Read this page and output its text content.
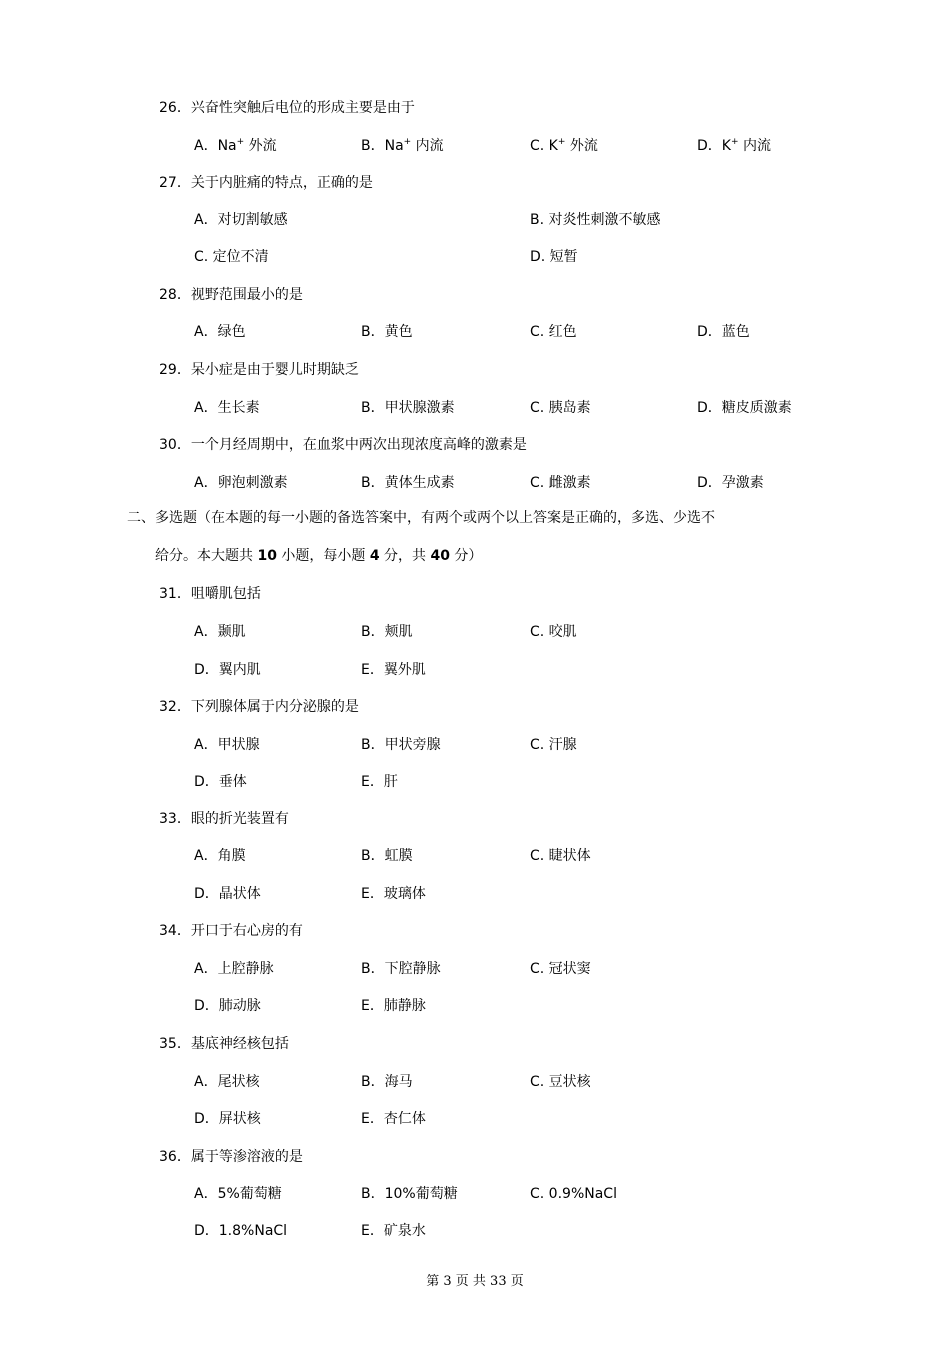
26．兴奋性突触后电位的形成主要是由于
A．Na+ 外流	B．Na+ 内流	C. K+ 外流	D．K+ 内流
27．关于内脏痛的特点，正确的是
A．对切割敏感	B. 对炎性刺激不敏感
C. 定位不清	D. 短暂
28．视野范围最小的是
A．绿色	B．黄色	C. 红色	D．蓝色
29．呆小症是由于婴儿时期缺乏
A．生长素	B．甲状腺激素	C. 胰岛素	D．糖皮质激素
30．一个月经周期中，在血浆中两次出现浓度高峰的激素是
A．卵泡刺激素	B．黄体生成素	C. 雌激素	D．孕激素
二、多选题（在本题的每一小题的备选答案中，有两个或两个以上答案是正确的，多选、少选不
给分。本大题共 10 小题，每小题 4 分，共 40 分）
31．咀嚼肌包括
A．颞肌	B．颊肌	C. 咬肌
D．翼内肌	E．翼外肌
32．下列腺体属于内分泌腺的是
A．甲状腺	B．甲状旁腺	C. 汗腺
D．垂体	E．肝
33．眼的折光装置有
A．角膜	B．虹膜	C. 睫状体
D．晶状体	E．玻璃体
34．开口于右心房的有
A．上腔静脉	B．下腔静脉	C. 冠状窦
D．肺动脉	E．肺静脉
35．基底神经核包括
A．尾状核	B．海马	C. 豆状核
D．屏状核	E．杏仁体
36．属于等渗溶液的是
A．5%葡萄糖	B．10%葡萄糖	C. 0.9%NaCl
D．1.8%NaCl	E．矿泉水
第 3 页 共 33 页
